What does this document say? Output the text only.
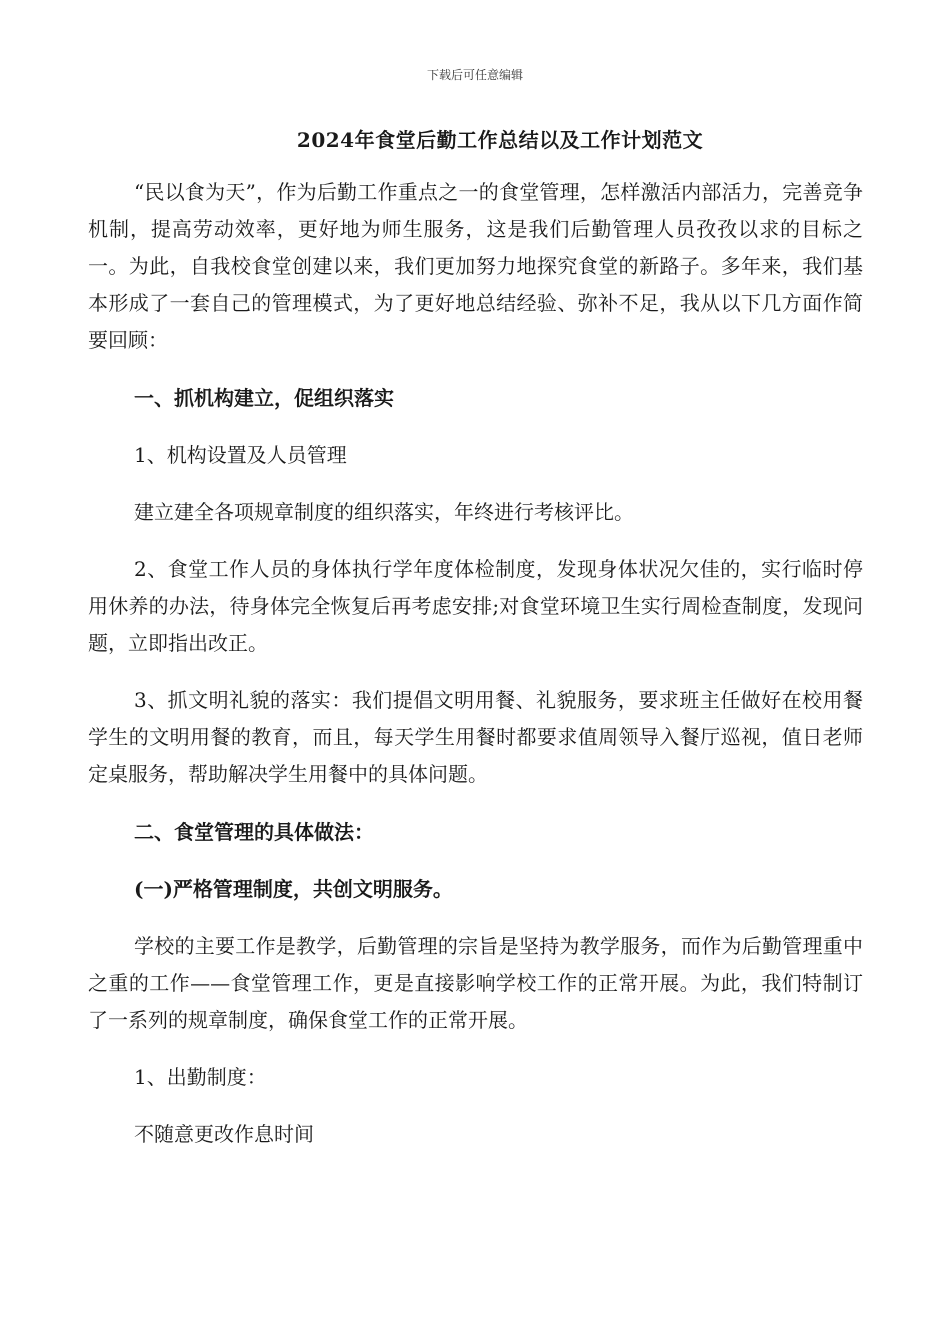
下载后可任意编辑
2024年食堂后勤工作总结以及工作计划范文

“民以食为天”，作为后勤工作重点之一的食堂管理，怎样激活内部活力，完善竞争机制，提高劳动效率，更好地为师生服务，这是我们后勤管理人员孜孜以求的目标之一。为此，自我校食堂创建以来，我们更加努力地探究食堂的新路子。多年来，我们基本形成了一套自己的管理模式，为了更好地总结经验、弥补不足，我从以下几方面作简要回顾：

一、抓机构建立，促组织落实

1、机构设置及人员管理

建立建全各项规章制度的组织落实，年终进行考核评比。

2、食堂工作人员的身体执行学年度体检制度，发现身体状况欠佳的，实行临时停用休养的办法，待身体完全恢复后再考虑安排;对食堂环境卫生实行周检查制度，发现问题，立即指出改正。

3、抓文明礼貌的落实：我们提倡文明用餐、礼貌服务，要求班主任做好在校用餐学生的文明用餐的教育，而且，每天学生用餐时都要求值周领导入餐厅巡视，值日老师定桌服务，帮助解决学生用餐中的具体问题。

二、食堂管理的具体做法：

(一)严格管理制度，共创文明服务。

学校的主要工作是教学，后勤管理的宗旨是坚持为教学服务，而作为后勤管理重中之重的工作——食堂管理工作，更是直接影响学校工作的正常开展。为此，我们特制订了一系列的规章制度，确保食堂工作的正常开展。

1、出勤制度：

不随意更改作息时间
